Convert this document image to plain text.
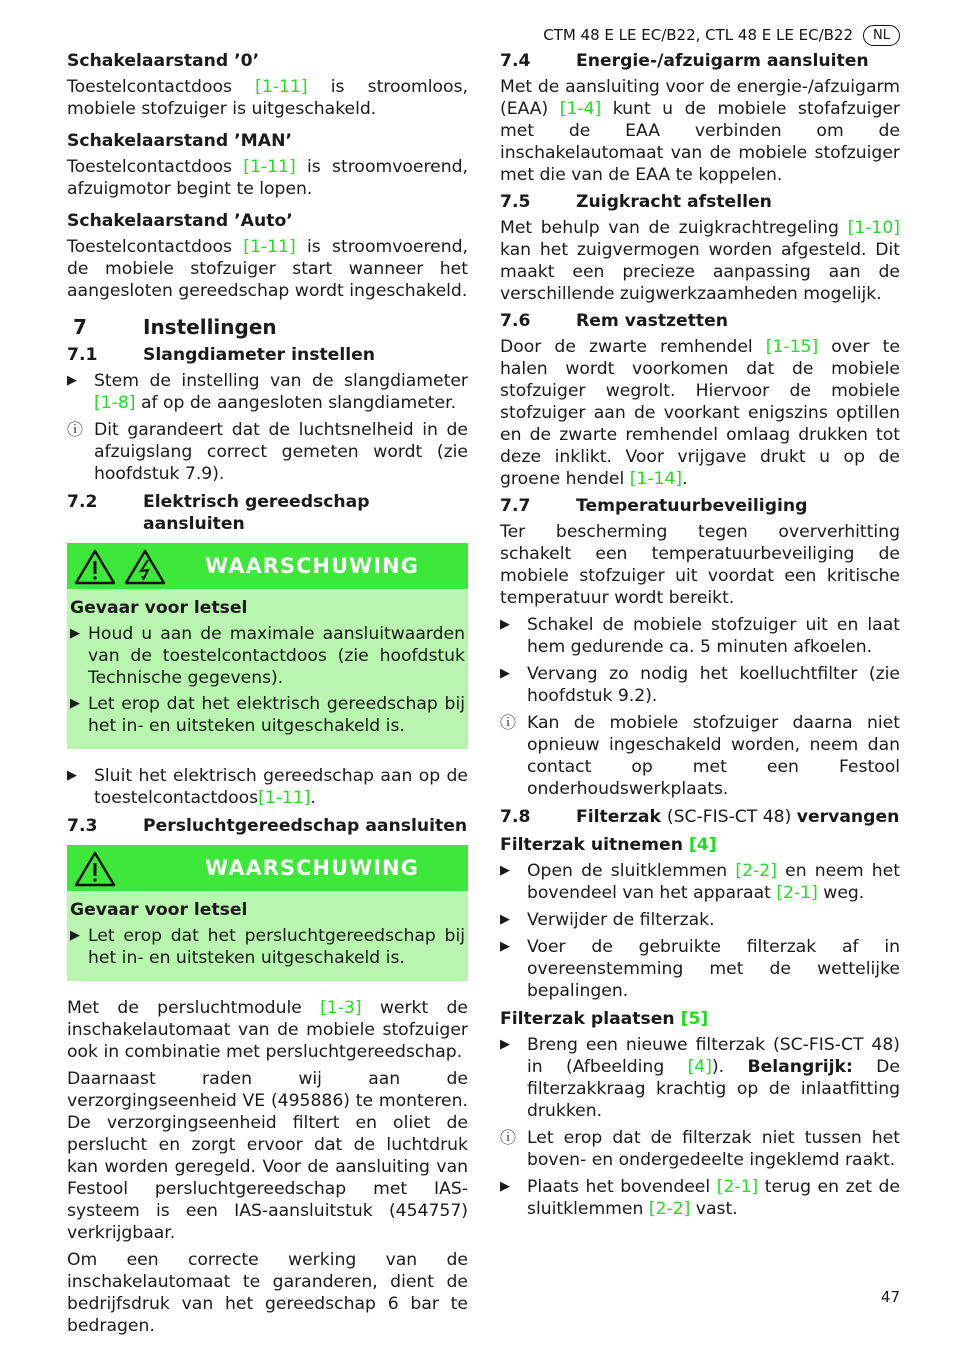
CTM 48 E LE EC/B22, CTL 48 E LE EC/B22	NL
Schakelaarstand ’0’

Toestelcontactdoos [1-11] is stroomloos, mobiele stofzuiger is uitgeschakeld.

Schakelaarstand ’MAN’

Toestelcontactdoos [1-11] is stroomvoerend, afzuigmotor begint te lopen.

Schakelaarstand ’Auto’

Toestelcontactdoos [1-11] is stroomvoerend, de mobiele stofzuiger start wanneer het aangesloten gereedschap wordt ingeschakeld.

7	Instellingen
7.1	Slangdiameter instellen
▶ Stem de instelling van de slangdiameter [1-8] af op de aangesloten slangdiameter.
ⓘ Dit garandeert dat de luchtsnelheid in de afzuigslang correct gemeten wordt (zie hoofdstuk 7.9).
7.2	Elektrisch gereedschap aansluiten
WAARSCHUWING
Gevaar voor letsel
▶ Houd u aan de maximale aansluitwaarden van de toestelcontactdoos (zie hoofdstuk Technische gegevens).
▶ Let erop dat het elektrisch gereedschap bij het in- en uitsteken uitgeschakeld is.
▶ Sluit het elektrisch gereedschap aan op de toestelcontactdoos[1-11].
7.3	Persluchtgereedschap aansluiten
WAARSCHUWING
Gevaar voor letsel
▶ Let erop dat het persluchtgereedschap bij het in- en uitsteken uitgeschakeld is.

Met de persluchtmodule [1-3] werkt de inschakelautomaat van de mobiele stofzuiger ook in combinatie met persluchtgereedschap.

Daarnaast raden wij aan de verzorgingseenheid VE (495886) te monteren. De verzorgingseenheid filtert en oliet de perslucht en zorgt ervoor dat de luchtdruk kan worden geregeld. Voor de aansluiting van Festool persluchtgereedschap met IAS-systeem is een IAS-aansluitstuk (454757) verkrijgbaar.

Om een correcte werking van de inschakelautomaat te garanderen, dient de bedrijfsdruk van het gereedschap 6 bar te bedragen.

7.4	Energie-/afzuigarm aansluiten

Met de aansluiting voor de energie-/afzuigarm (EAA) [1-4] kunt u de mobiele stofafzuiger met de EAA verbinden om de inschakelautomaat van de mobiele stofzuiger met die van de EAA te koppelen.

7.5	Zuigkracht afstellen

Met behulp van de zuigkrachtregeling [1-10] kan het zuigvermogen worden afgesteld. Dit maakt een precieze aanpassing aan de verschillende zuigwerkzaamheden mogelijk.

7.6	Rem vastzetten

Door de zwarte remhendel [1-15] over te halen wordt voorkomen dat de mobiele stofzuiger wegrolt. Hiervoor de mobiele stofzuiger aan de voorkant enigszins optillen en de zwarte remhendel omlaag drukken tot deze inklikt. Voor vrijgave drukt u op de groene hendel [1-14].

7.7	Temperatuurbeveiliging

Ter bescherming tegen oververhitting schakelt een temperatuurbeveiliging de mobiele stofzuiger uit voordat een kritische temperatuur wordt bereikt.

▶ Schakel de mobiele stofzuiger uit en laat hem gedurende ca. 5 minuten afkoelen.
▶ Vervang zo nodig het koelluchtfilter (zie hoofdstuk 9.2).
ⓘ Kan de mobiele stofzuiger daarna niet opnieuw ingeschakeld worden, neem dan contact op met een Festool onderhoudswerkplaats.
7.8	Filterzak (SC-FIS-CT 48) vervangen
Filterzak uitnemen [4]
▶ Open de sluitklemmen [2-2] en neem het bovendeel van het apparaat [2-1] weg.
▶ Verwijder de filterzak.
▶ Voer de gebruikte filterzak af in overeenstemming met de wettelijke bepalingen.
Filterzak plaatsen [5]
▶ Breng een nieuwe filterzak (SC-FIS-CT 48) in (Afbeelding [4]). Belangrijk: De filterzakkraag krachtig op de inlaatfitting drukken.
ⓘ Let erop dat de filterzak niet tussen het boven- en ondergedeelte ingeklemd raakt.
▶ Plaats het bovendeel [2-1] terug en zet de sluitklemmen [2-2] vast.
47
